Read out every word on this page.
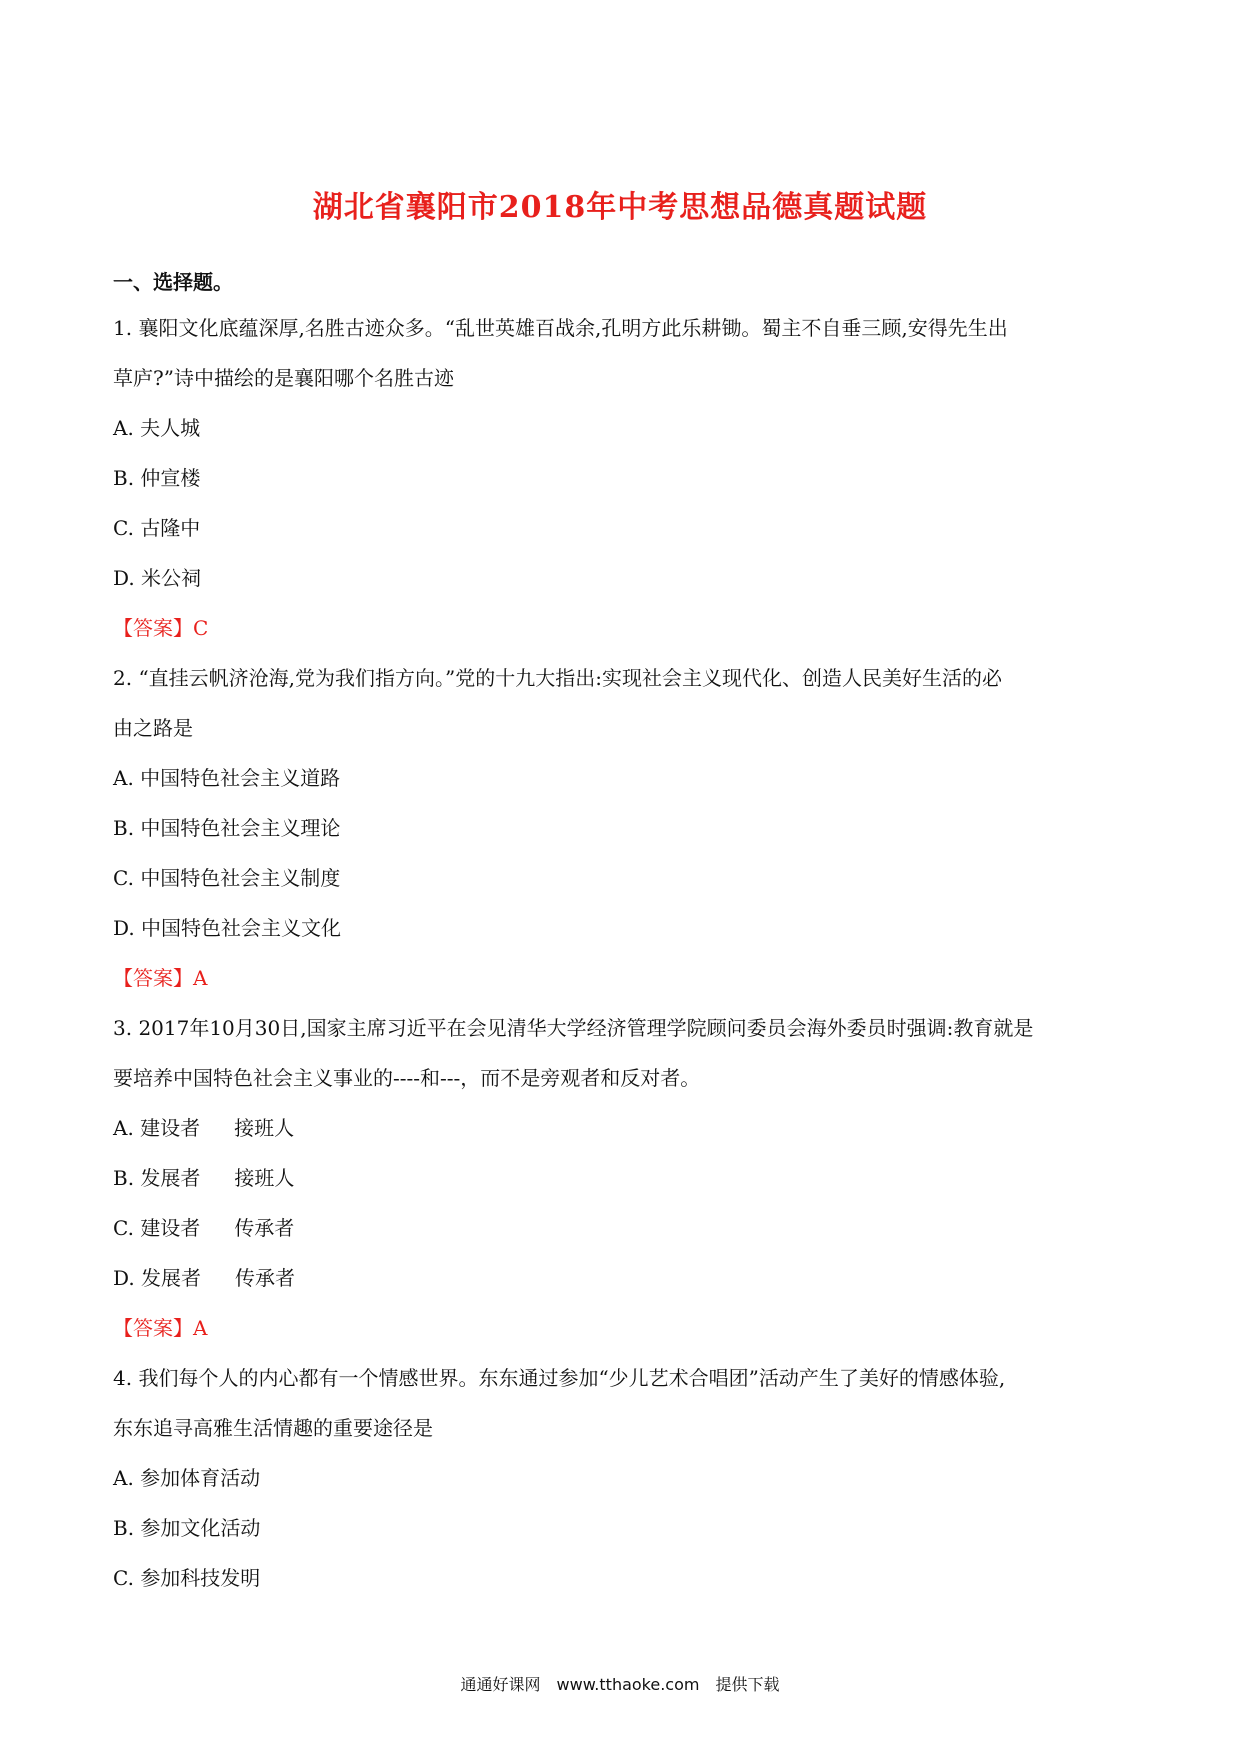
湖北省襄阳市2018年中考思想品德真题试题
一、选择题。
1. 襄阳文化底蕴深厚,名胜古迹众多。“乱世英雄百战余,孔明方此乐耕锄。蜀主不自垂三顾,安得先生出
草庐?”诗中描绘的是襄阳哪个名胜古迹
A. 夫人城
B. 仲宣楼
C. 古隆中
D. 米公祠
【答案】C
2. “直挂云帆济沧海,党为我们指方向。”党的十九大指出:实现社会主义现代化、创造人民美好生活的必
由之路是
A. 中国特色社会主义道路
B. 中国特色社会主义理论
C. 中国特色社会主义制度
D. 中国特色社会主义文化
【答案】A
3. 2017年10月30日,国家主席习近平在会见清华大学经济管理学院顾问委员会海外委员时强调:教育就是
要培养中国特色社会主义事业的----和---，而不是旁观者和反对者。
A. 建设者 接班人
B. 发展者 接班人
C. 建设者 传承者
D. 发展者 传承者
【答案】A
4. 我们每个人的内心都有一个情感世界。东东通过参加“少儿艺术合唱团”活动产生了美好的情感体验,
东东追寻高雅生活情趣的重要途径是
A. 参加体育活动
B. 参加文化活动
C. 参加科技发明
通通好课网　www.tthaoke.com　提供下载
